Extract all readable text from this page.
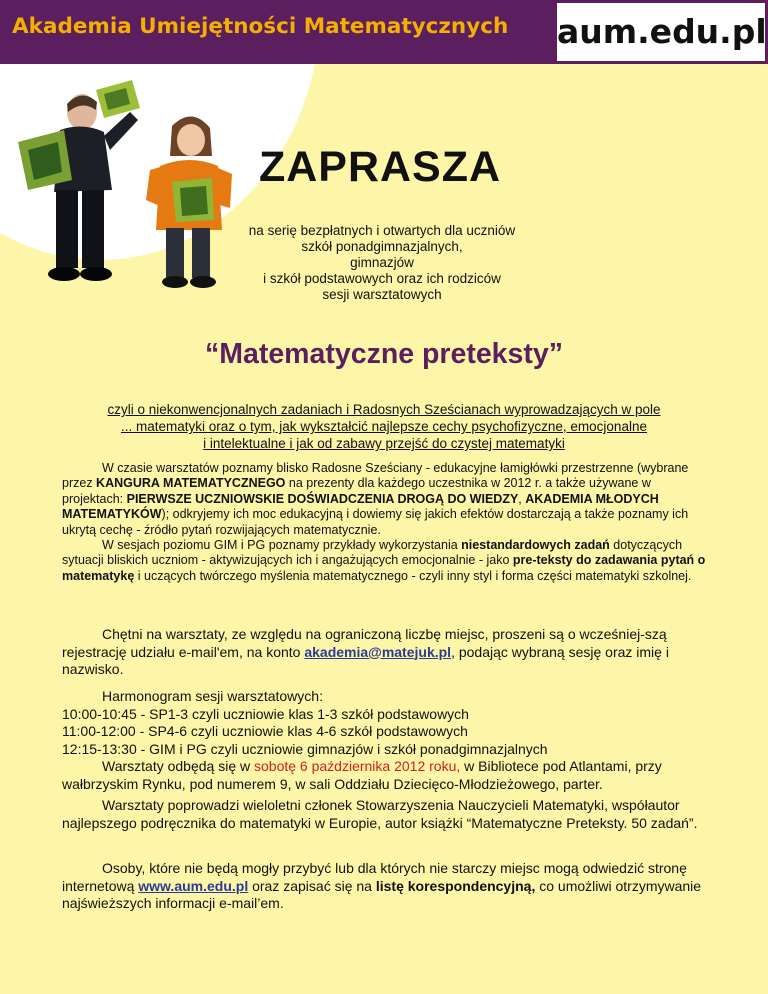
Akademia Umiejętności Matematycznych aum.edu.pl
ZAPRASZA
na serię bezpłatnych i otwartych dla uczniów
szkół ponadgimnazjalnych,
gimnazjów
i szkół podstawowych oraz ich rodziców
sesji warsztatowych
“Matematyczne preteksty”
czyli o niekonwencjonalnych zadaniach i Radosnych Sześcianach wyprowadzających w pole
... matematyki oraz o tym, jak wykształcić najlepsze cechy psychofizyczne, emocjonalne
i intelektualne i jak od zabawy przejść do czystej matematyki

W czasie warsztatów poznamy blisko Radosne Sześciany - edukacyjne łamigłówki przestrzenne (wybrane przez KANGURA MATEMATYCZNEGO na prezenty dla każdego uczestnika w 2012 r. a także używane w projektach: PIERWSZE UCZNIOWSKIE DOŚWIADCZENIA DROGĄ DO WIEDZY, AKADEMIA MŁODYCH MATEMATYKÓW); odkryjemy ich moc edukacyjną i dowiemy się jakich efektów dostarczają a także poznamy ich ukrytą cechę - źródło pytań rozwijających matematycznie.

W sesjach poziomu GIM i PG poznamy przykłady wykorzystania niestandardowych zadań dotyczących sytuacji bliskich uczniom - aktywizujących ich i angażujących emocjonalnie - jako pre-teksty do zadawania pytań o matematykę i uczących twórczego myślenia matematycznego - czyli inny styl i forma części matematyki szkolnej.

Chętni na warsztaty, ze względu na ograniczoną liczbę miejsc, proszeni są o wcześniej-szą rejestrację udziału e-mail'em, na konto akademia@matejuk.pl, podając wybraną sesję oraz imię i nazwisko.

Harmonogram sesji warsztatowych:

10:00-10:45 - SP1-3 czyli uczniowie klas 1-3 szkół podstawowych

11:00-12:00 - SP4-6 czyli uczniowie klas 4-6 szkół podstawowych

12:15-13:30 - GIM i PG czyli uczniowie gimnazjów i szkół ponadgimnazjalnych

Warsztaty odbędą się w sobotę 6 października 2012 roku, w Bibliotece pod Atlantami, przy wałbrzyskim Rynku, pod numerem 9, w sali Oddziału Dziecięco-Młodzieżowego, parter.

Warsztaty poprowadzi wieloletni członek Stowarzyszenia Nauczycieli Matematyki, współautor najlepszego podręcznika do matematyki w Europie, autor książki “Matematyczne Preteksty. 50 zadań”.

Osoby, które nie będą mogły przybyć lub dla których nie starczy miejsc mogą odwiedzić stronę internetową www.aum.edu.pl oraz zapisać się na listę korespondencyjną, co umożliwi otrzymywanie najświeższych informacji e-mail’em.
